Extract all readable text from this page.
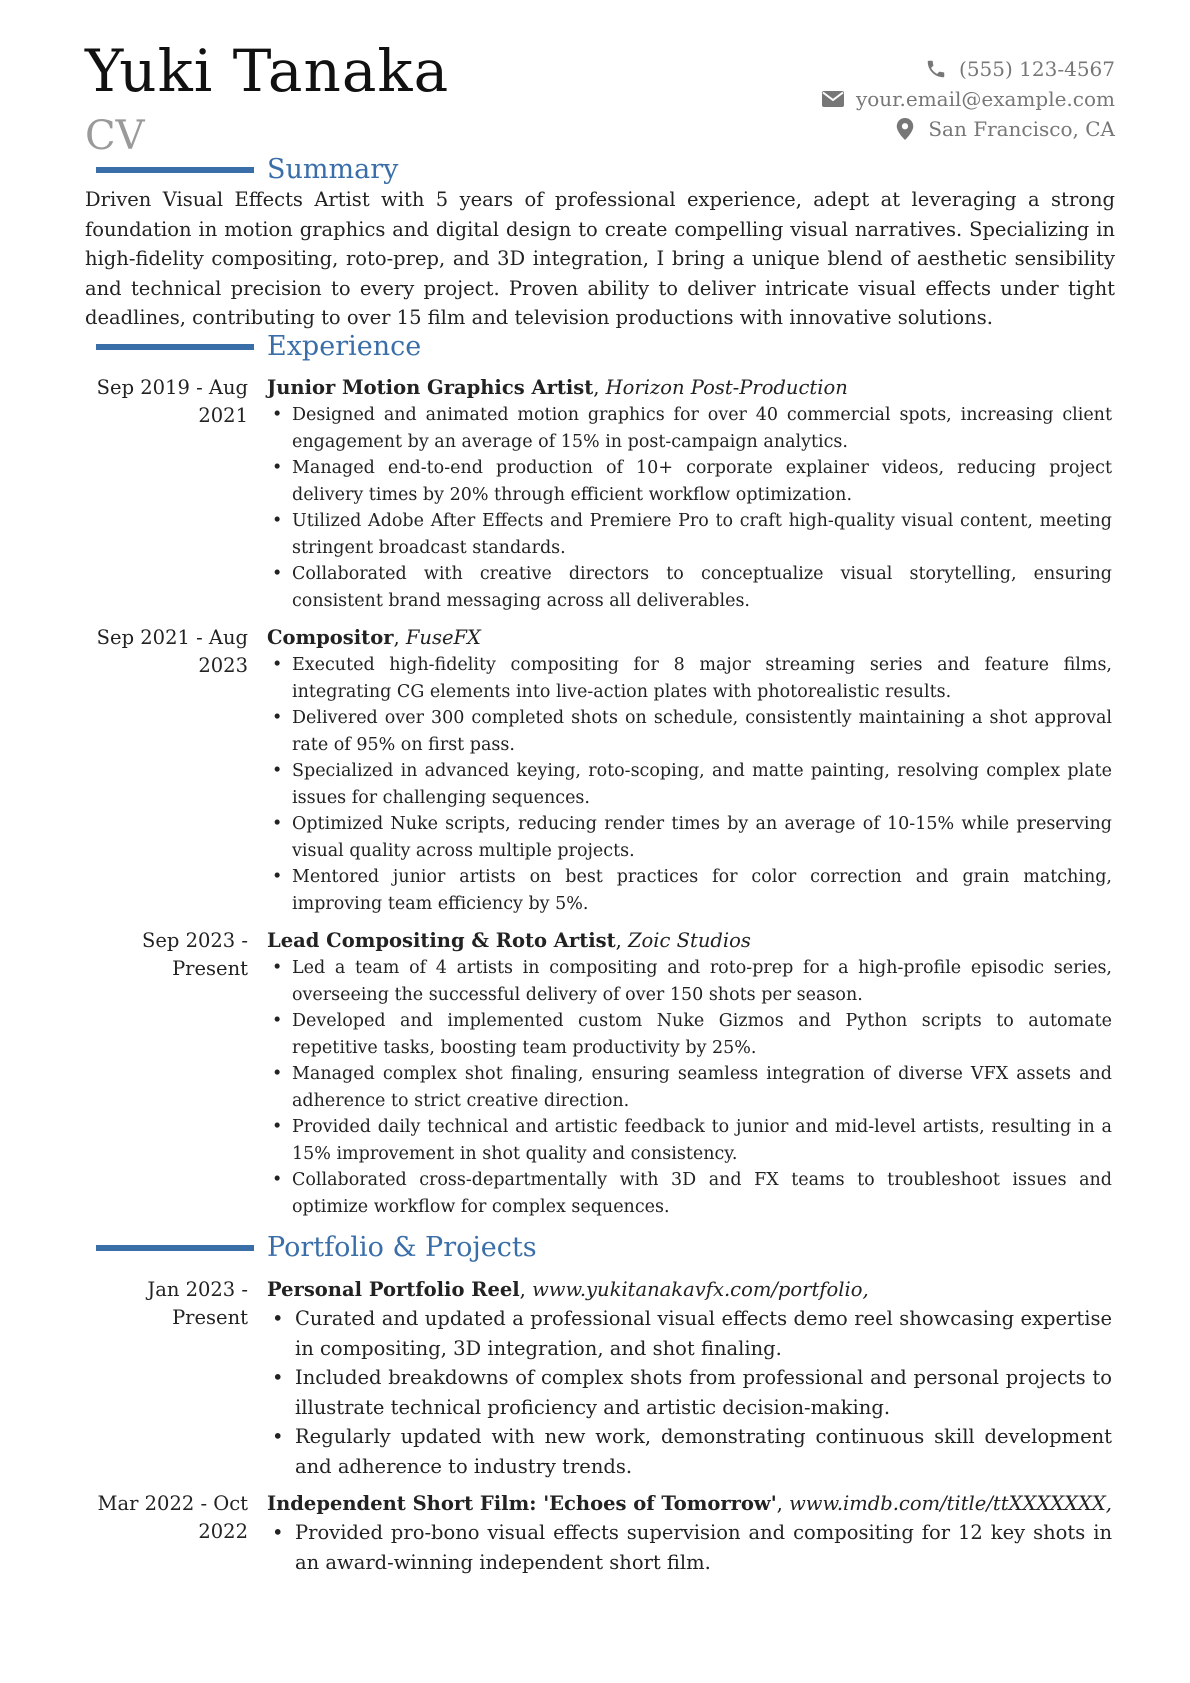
Yuki Tanaka
CV
(555) 123-4567
your.email@example.com
San Francisco, CA
Summary
Driven Visual Effects Artist with 5 years of professional experience, adept at leveraging a strong foundation in motion graphics and digital design to create compelling visual narratives. Specializing in high-fidelity compositing, roto-prep, and 3D integration, I bring a unique blend of aesthetic sensibility and technical precision to every project. Proven ability to deliver intricate visual effects under tight deadlines, contributing to over 15 film and television productions with innovative solutions.
Experience
Sep 2019 - Aug 2021
Junior Motion Graphics Artist, Horizon Post-Production
• Designed and animated motion graphics for over 40 commercial spots, increasing client engagement by an average of 15% in post-campaign analytics.
• Managed end-to-end production of 10+ corporate explainer videos, reducing project delivery times by 20% through efficient workflow optimization.
• Utilized Adobe After Effects and Premiere Pro to craft high-quality visual content, meeting stringent broadcast standards.
• Collaborated with creative directors to conceptualize visual storytelling, ensuring consistent brand messaging across all deliverables.
Sep 2021 - Aug 2023
Compositor, FuseFX
• Executed high-fidelity compositing for 8 major streaming series and feature films, integrating CG elements into live-action plates with photorealistic results.
• Delivered over 300 completed shots on schedule, consistently maintaining a shot approval rate of 95% on first pass.
• Specialized in advanced keying, roto-scoping, and matte painting, resolving complex plate issues for challenging sequences.
• Optimized Nuke scripts, reducing render times by an average of 10-15% while preserving visual quality across multiple projects.
• Mentored junior artists on best practices for color correction and grain matching, improving team efficiency by 5%.
Sep 2023 - Present
Lead Compositing & Roto Artist, Zoic Studios
• Led a team of 4 artists in compositing and roto-prep for a high-profile episodic series, overseeing the successful delivery of over 150 shots per season.
• Developed and implemented custom Nuke Gizmos and Python scripts to automate repetitive tasks, boosting team productivity by 25%.
• Managed complex shot finaling, ensuring seamless integration of diverse VFX assets and adherence to strict creative direction.
• Provided daily technical and artistic feedback to junior and mid-level artists, resulting in a 15% improvement in shot quality and consistency.
• Collaborated cross-departmentally with 3D and FX teams to troubleshoot issues and optimize workflow for complex sequences.
Portfolio & Projects
Jan 2023 - Present
Personal Portfolio Reel, www.yukitanakavfx.com/portfolio,
• Curated and updated a professional visual effects demo reel showcasing expertise in compositing, 3D integration, and shot finaling.
• Included breakdowns of complex shots from professional and personal projects to illustrate technical proficiency and artistic decision-making.
• Regularly updated with new work, demonstrating continuous skill development and adherence to industry trends.
Mar 2022 - Oct 2022
Independent Short Film: 'Echoes of Tomorrow', www.imdb.com/title/ttXXXXXXX,
• Provided pro-bono visual effects supervision and compositing for 12 key shots in an award-winning independent short film.
